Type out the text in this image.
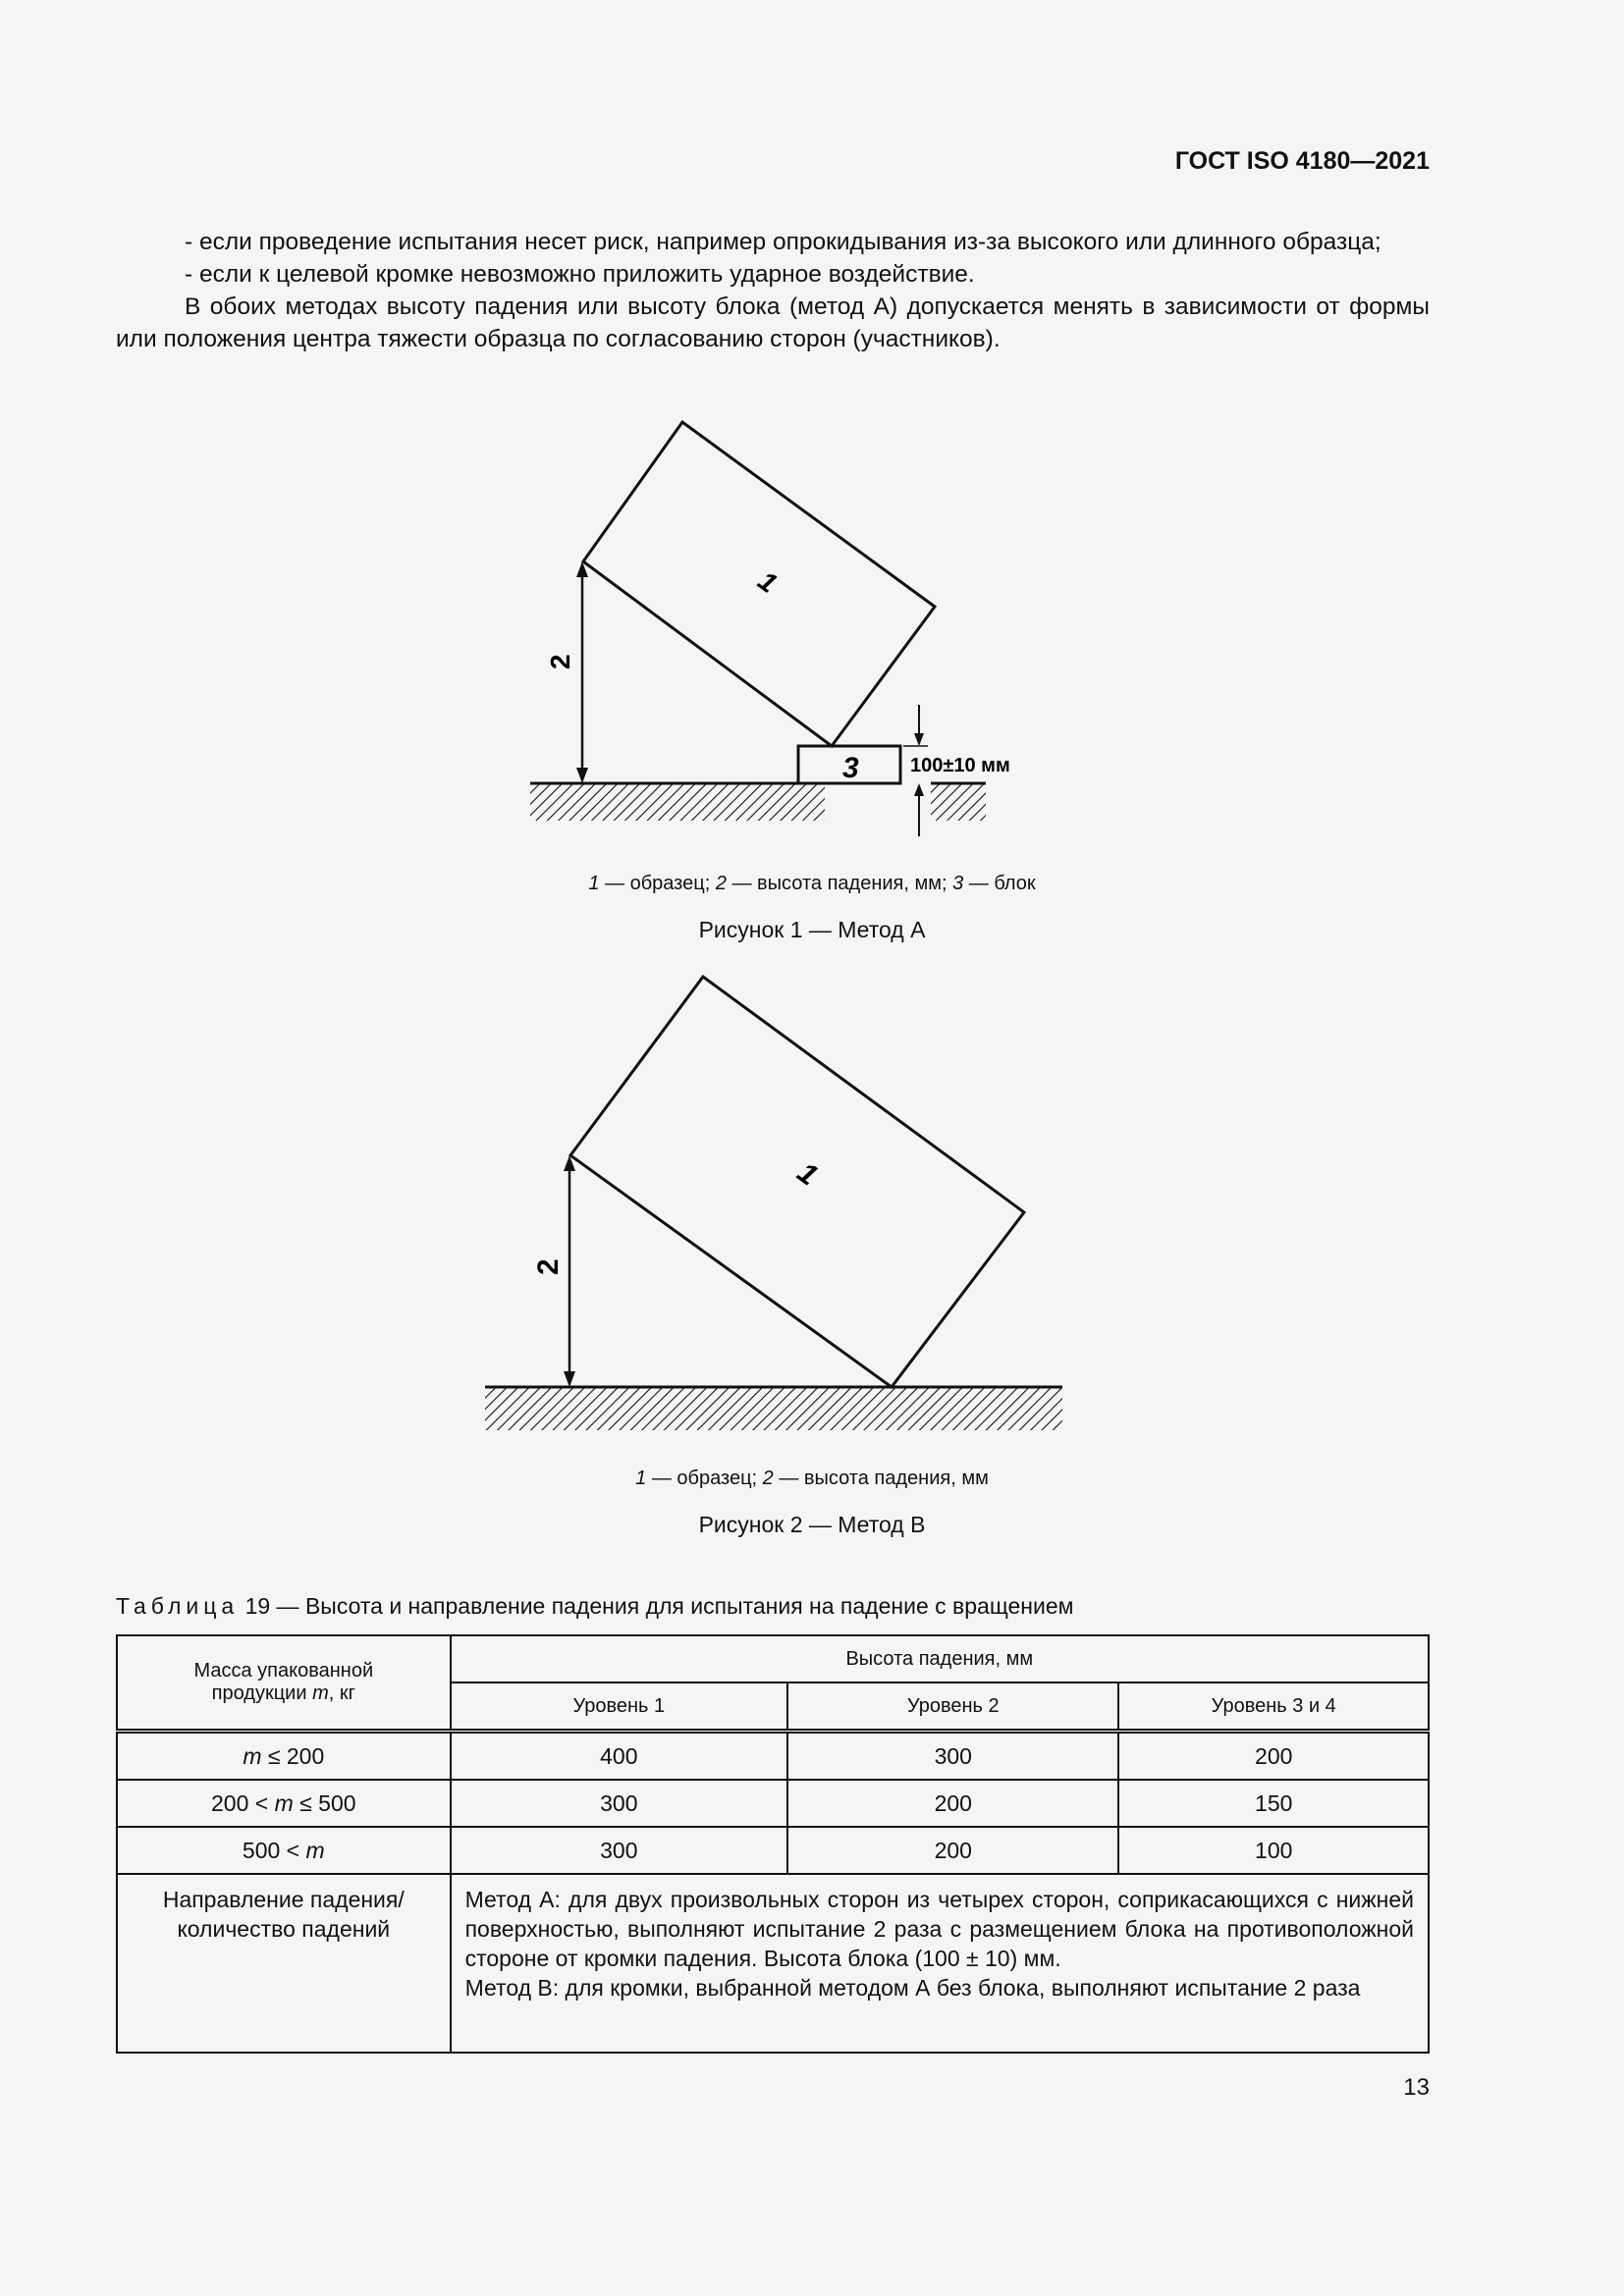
ГОСТ ISO 4180—2021

- если проведение испытания несет риск, например опрокидывания из-за высокого или длинного образца;

- если к целевой кромке невозможно приложить ударное воздействие.

В обоих методах высоту падения или высоту блока (метод А) допускается менять в зависимости от формы или положения центра тяжести образца по согласованию сторон (участников).

1
2
3	100±10 мм
1 — образец; 2 — высота падения, мм; 3 — блок
Рисунок 1 — Метод А
1
2
1 — образец; 2 — высота падения, мм
Рисунок 2 — Метод В
Таблица 19 — Высота и направление падения для испытания на падение с вращением
Масса упакованной
продукции m, кг	Высота падения, мм		
	Уровень 1	Уровень 2	Уровень 3 и 4
m ≤ 200	400	300	200
200 < m ≤ 500	300	200	150
500 < m	300	200	100
Направление падения/ количество падений	Метод А: для двух произвольных сторон из четырех сторон, соприкасающихся с нижней поверхностью, выполняют испытание 2 раза с размещением блока на противоположной стороне от кромки падения. Высота блока (100 ± 10) мм.
Метод В: для кромки, выбранной методом А без блока, выполняют испытание 2 раза		
13
